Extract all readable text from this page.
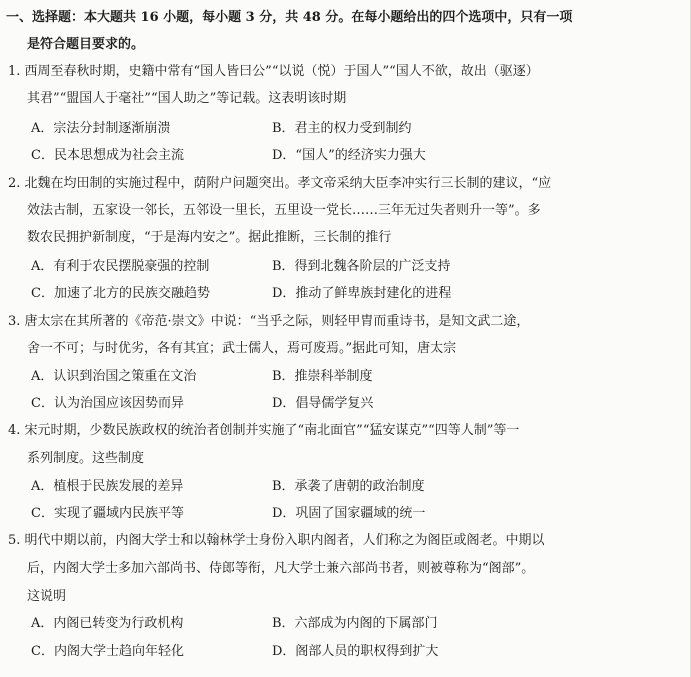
一、选择题：本大题共 16 小题，每小题 3 分，共 48 分。在每小题给出的四个选项中，只有一项
是符合题目要求的。
1. 西周至春秋时期，史籍中常有“国人皆曰公”“以说（悦）于国人”“国人不欲，故出（驱逐）
其君”“盟国人于毫社”“国人助之”等记载。这表明该时期
A．宗法分封制逐渐崩溃	B．君主的权力受到制约
C．民本思想成为社会主流	D．“国人”的经济实力强大
2. 北魏在均田制的实施过程中，荫附户问题突出。孝文帝采纳大臣李冲实行三长制的建议，“应
效法古制，五家设一邻长，五邻设一里长，五里设一党长……三年无过失者则升一等”。多
数农民拥护新制度，“于是海内安之”。据此推断，三长制的推行
A．有利于农民摆脱豪强的控制	B．得到北魏各阶层的广泛支持
C．加速了北方的民族交融趋势	D．推动了鲜卑族封建化的进程
3. 唐太宗在其所著的《帝范·崇文》中说：“当乎之际，则轻甲胄而重诗书，是知文武二途，
舍一不可；与时优劣，各有其宜；武士儒人，焉可废焉。”据此可知，唐太宗
A．认识到治国之策重在文治	B．推崇科举制度
C．认为治国应该因势而异	D．倡导儒学复兴
4. 宋元时期，少数民族政权的统治者创制并实施了“南北面官”“猛安谋克”“四等人制”等一
系列制度。这些制度
A．植根于民族发展的差异	B．承袭了唐朝的政治制度
C．实现了疆域内民族平等	D．巩固了国家疆域的统一
5. 明代中期以前，内阁大学士和以翰林学士身份入职内阁者，人们称之为阁臣或阁老。中期以
后，内阁大学士多加六部尚书、侍郎等衔，凡大学士兼六部尚书者，则被尊称为“阁部”。
这说明
A．内阁已转变为行政机构	B．六部成为内阁的下属部门
C．内阁大学士趋向年轻化	D．阁部人员的职权得到扩大
